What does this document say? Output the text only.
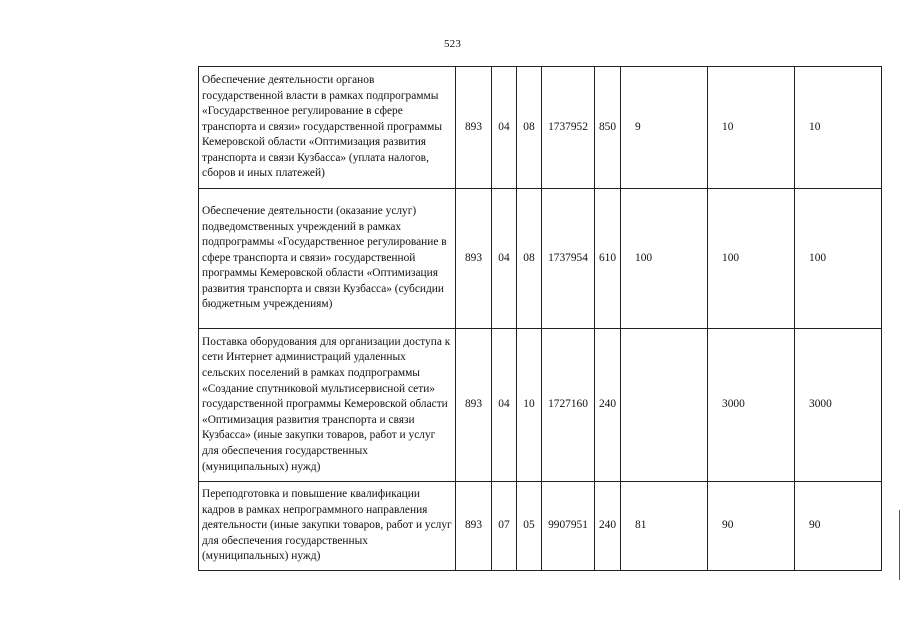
523
Обеспечение деятельности органов государственной власти в рамках подпрограммы «Государственное регулирование в сфере транспорта и связи» государственной программы Кемеровской области «Оптимизация развития транспорта и связи Кузбасса» (уплата налогов, сборов и иных платежей)	893	04	08	1737952	850	9	10	10
Обеспечение деятельности (оказание услуг) подведомственных учреждений в рамках подпрограммы «Государственное регулирование в сфере транспорта и связи» государственной программы Кемеровской области «Оптимизация развития транспорта и связи Кузбасса» (субсидии бюджетным учреждениям)	893	04	08	1737954	610	100	100	100
Поставка оборудования для организации доступа к сети Интернет администраций удаленных сельских поселений в рамках подпрограммы «Создание спутниковой мультисервисной сети» государственной программы Кемеровской области «Оптимизация развития транспорта и связи Кузбасса» (иные закупки товаров, работ и услуг для обеспечения государственных (муниципальных) нужд)	893	04	10	1727160	240		3000	3000
Переподготовка и повышение квалификации кадров в рамках непрограммного направления деятельности (иные закупки товаров, работ и услуг для обеспечения государственных (муниципальных) нужд)	893	07	05	9907951	240	81	90	90
